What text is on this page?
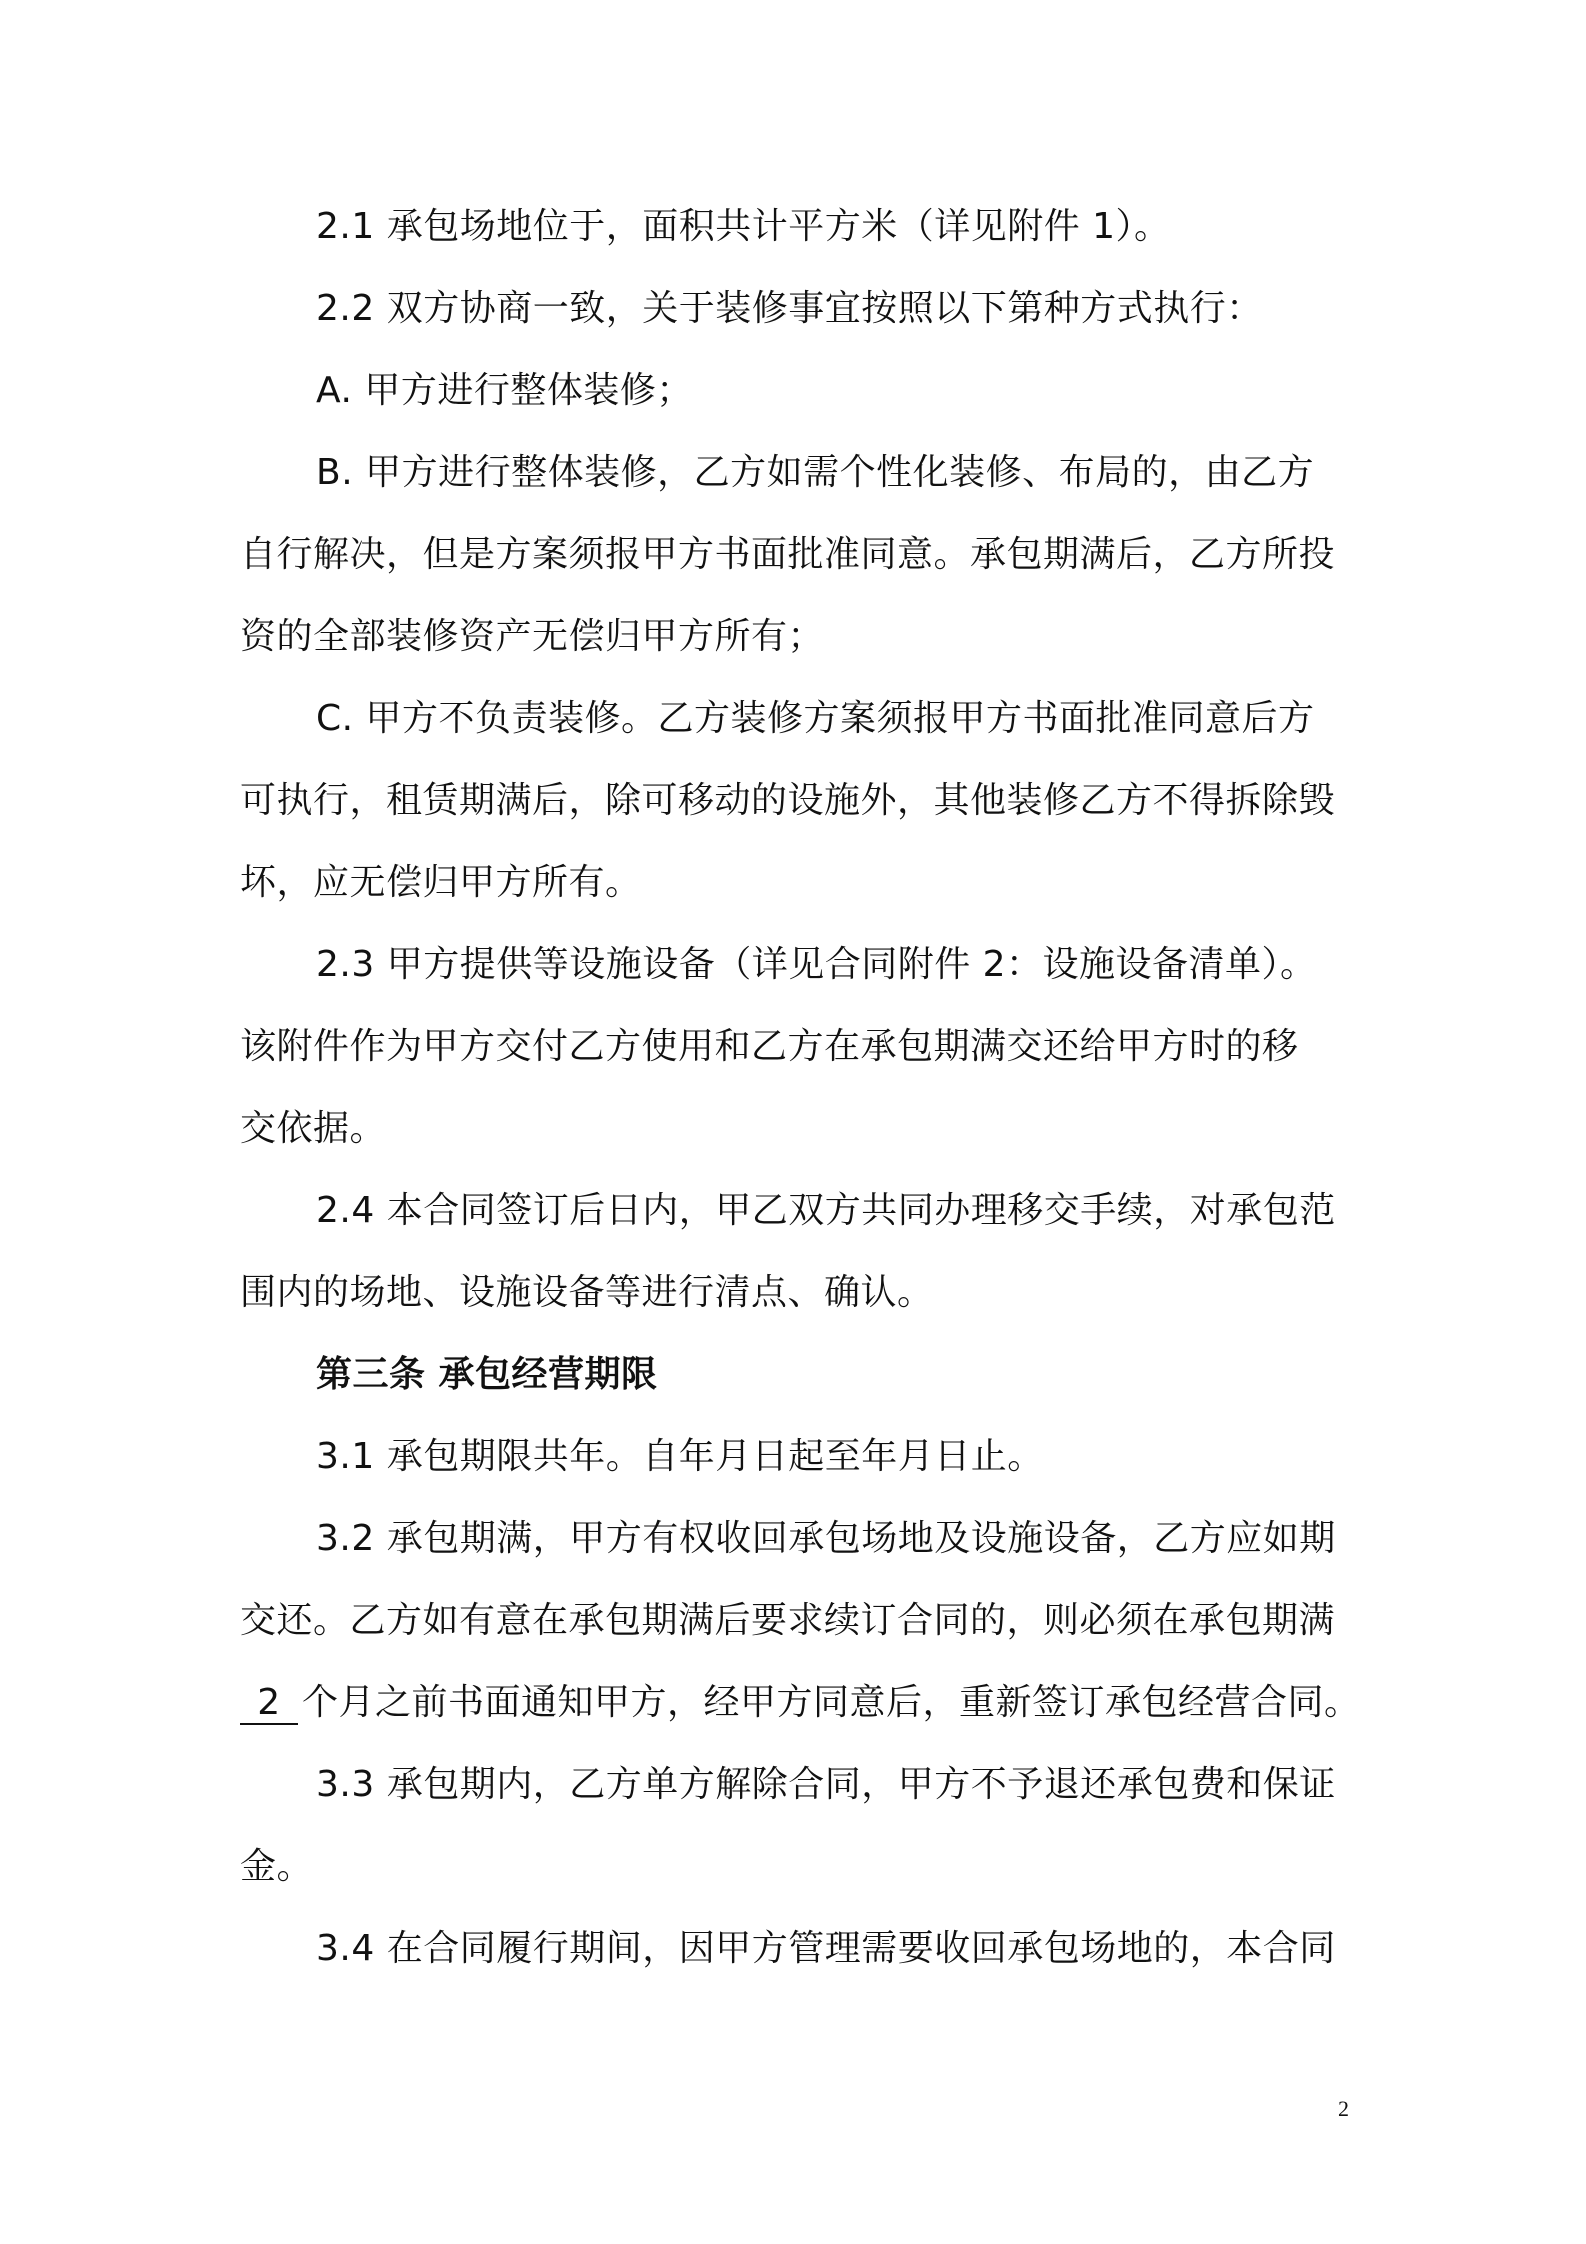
2.1 承包场地位于，面积共计平方米（详见附件 1）。
2.2 双方协商一致，关于装修事宜按照以下第种方式执行：
A. 甲方进行整体装修；
B. 甲方进行整体装修，乙方如需个性化装修、布局的，由乙方
自行解决，但是方案须报甲方书面批准同意。承包期满后，乙方所投
资的全部装修资产无偿归甲方所有；
C. 甲方不负责装修。乙方装修方案须报甲方书面批准同意后方
可执行，租赁期满后，除可移动的设施外，其他装修乙方不得拆除毁
坏，应无偿归甲方所有。
2.3 甲方提供等设施设备（详见合同附件 2：设施设备清单）。
该附件作为甲方交付乙方使用和乙方在承包期满交还给甲方时的移
交依据。
2.4 本合同签订后日内，甲乙双方共同办理移交手续，对承包范
围内的场地、设施设备等进行清点、确认。
第三条 承包经营期限
3.1 承包期限共年。自年月日起至年月日止。
3.2 承包期满，甲方有权收回承包场地及设施设备，乙方应如期
交还。乙方如有意在承包期满后要求续订合同的，则必须在承包期满
2 个月之前书面通知甲方，经甲方同意后，重新签订承包经营合同。
3.3 承包期内，乙方单方解除合同，甲方不予退还承包费和保证
金。
3.4 在合同履行期间，因甲方管理需要收回承包场地的，本合同
2
